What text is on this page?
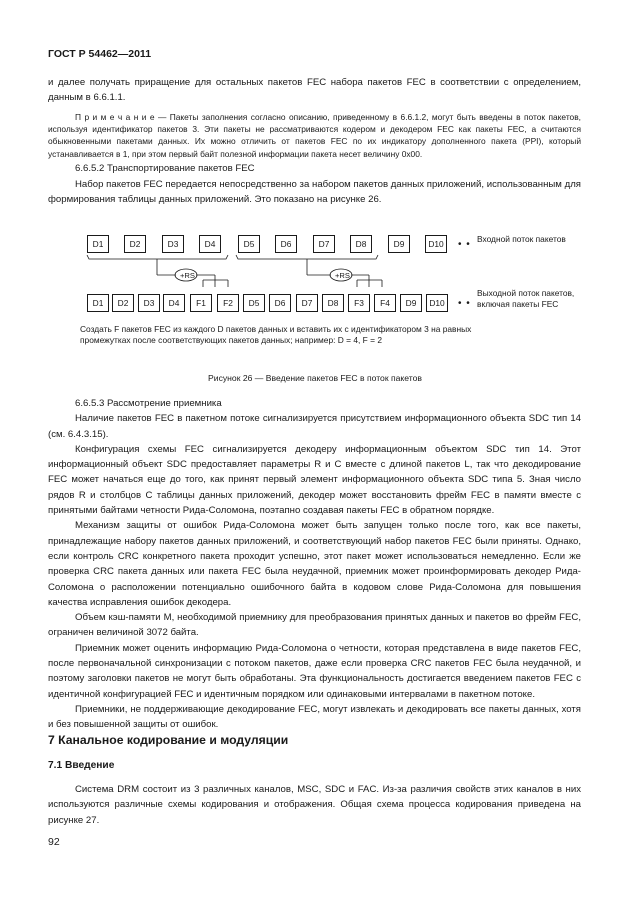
ГОСТ Р 54462—2011

и далее получать приращение для остальных пакетов FEC набора пакетов FEC в соответствии с определением, данным в 6.6.1.1.

П р и м е ч а н и е — Пакеты заполнения согласно описанию, приведенному в 6.6.1.2, могут быть введены в поток пакетов, используя идентификатор пакетов 3. Эти пакеты не рассматриваются кодером и декодером FEC как пакеты FEC, а считаются обыкновенными пакетами данных. Их можно отличить от пакетов FEC по их индикатору дополненного пакета (PPI), который устанавливается в 1, при этом первый байт полезной информации пакета несет величину 0x00.

6.6.5.2 Транспортирование пакетов FEC

Набор пакетов FEC передается непосредственно за набором пакетов данных приложений, использованным для формирования таблицы данных приложений. Это показано на рисунке 26.

+RS	+RS
D1	D2	D3	D4	D5	D6	D7	D8	D9	D10	• • Входной поток пакетов
D1	D2	D3	D4	F1	F2	D5	D6	D7	D8	F3	F4	D9	D10	• •
Выходной поток пакетов, включая пакеты FEC
Создать F пакетов FEC из каждого D пакетов данных и вставить их с идентификатором 3 на равных промежутках после соответствующих пакетов данных; например: D = 4, F = 2
Рисунок 26 — Введение пакетов FEC в поток пакетов

6.6.5.3 Рассмотрение приемника

Наличие пакетов FEC в пакетном потоке сигнализируется присутствием информационного объекта SDC тип 14 (см. 6.4.3.15).

Конфигурация схемы FEC сигнализируется декодеру информационным объектом SDC тип 14. Этот информационный объект SDC предоставляет параметры R и C вместе с длиной пакетов L, так что декодирование FEC может начаться еще до того, как принят первый элемент информационного объекта SDC типа 5. Зная число рядов R и столбцов C таблицы данных приложений, декодер может восстановить фрейм FEC в памяти вместе с принятыми байтами четности Рида-Соломона, поэтапно создавая пакеты FEC в обратном порядке.

Механизм защиты от ошибок Рида-Соломона может быть запущен только после того, как все пакеты, принадлежащие набору пакетов данных приложений, и соответствующий набор пакетов FEC были приняты. Однако, если контроль CRC конкретного пакета проходит успешно, этот пакет может использоваться немедленно. Если же проверка CRC пакета данных или пакета FEC была неудачной, приемник может проинформировать декодер Рида-Соломона о расположении потенциально ошибочного байта в кодовом слове Рида-Соломона для повышения качества исправления ошибок декодера.

Объем кэш-памяти M, необходимой приемнику для преобразования принятых данных и пакетов во фрейм FEC, ограничен величиной 3072 байта.

Приемник может оценить информацию Рида-Соломона о четности, которая представлена в виде пакетов FEC, после первоначальной синхронизации с потоком пакетов, даже если проверка CRC пакетов FEC была неудачной, и поэтому заголовки пакетов не могут быть обработаны. Эта функциональность достигается введением пакетов FEC с идентичной конфигурацией FEC и идентичным порядком или одинаковыми интервалами в пакетном потоке.

Приемники, не поддерживающие декодирование FEC, могут извлекать и декодировать все пакеты данных, хотя и без повышенной защиты от ошибок.

7 Канальное кодирование и модуляции
7.1 Введение

Система DRM состоит из 3 различных каналов, MSC, SDC и FAC. Из-за различия свойств этих каналов в них используются различные схемы кодирования и отображения. Общая схема процесса кодирования приведена на рисунке 27.

92
